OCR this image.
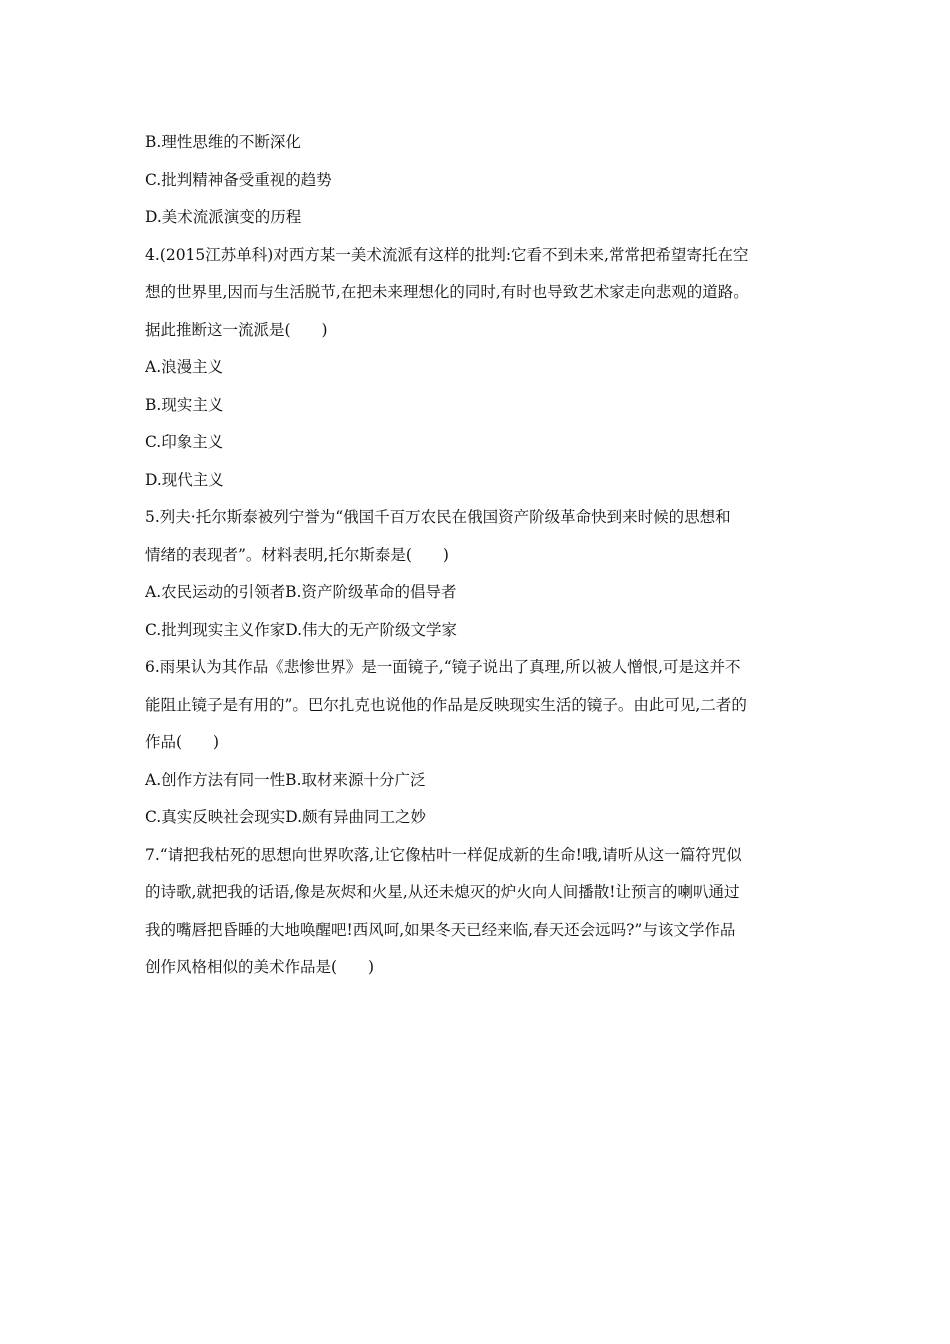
B.理性思维的不断深化
C.批判精神备受重视的趋势
D.美术流派演变的历程
4.(2015江苏单科)对西方某一美术流派有这样的批判:它看不到未来,常常把希望寄托在空
想的世界里,因而与生活脱节,在把未来理想化的同时,有时也导致艺术家走向悲观的道路。
据此推断这一流派是(　　)
A.浪漫主义
B.现实主义
C.印象主义
D.现代主义
5.列夫·托尔斯泰被列宁誉为“俄国千百万农民在俄国资产阶级革命快到来时候的思想和
情绪的表现者”。材料表明,托尔斯泰是(　　)
A.农民运动的引领者B.资产阶级革命的倡导者
C.批判现实主义作家D.伟大的无产阶级文学家
6.雨果认为其作品《悲惨世界》是一面镜子,“镜子说出了真理,所以被人憎恨,可是这并不
能阻止镜子是有用的”。巴尔扎克也说他的作品是反映现实生活的镜子。由此可见,二者的
作品(　　)
A.创作方法有同一性B.取材来源十分广泛
C.真实反映社会现实D.颇有异曲同工之妙
7.“请把我枯死的思想向世界吹落,让它像枯叶一样促成新的生命!哦,请听从这一篇符咒似
的诗歌,就把我的话语,像是灰烬和火星,从还未熄灭的炉火向人间播散!让预言的喇叭通过
我的嘴唇把昏睡的大地唤醒吧!西风呵,如果冬天已经来临,春天还会远吗?”与该文学作品
创作风格相似的美术作品是(　　)
